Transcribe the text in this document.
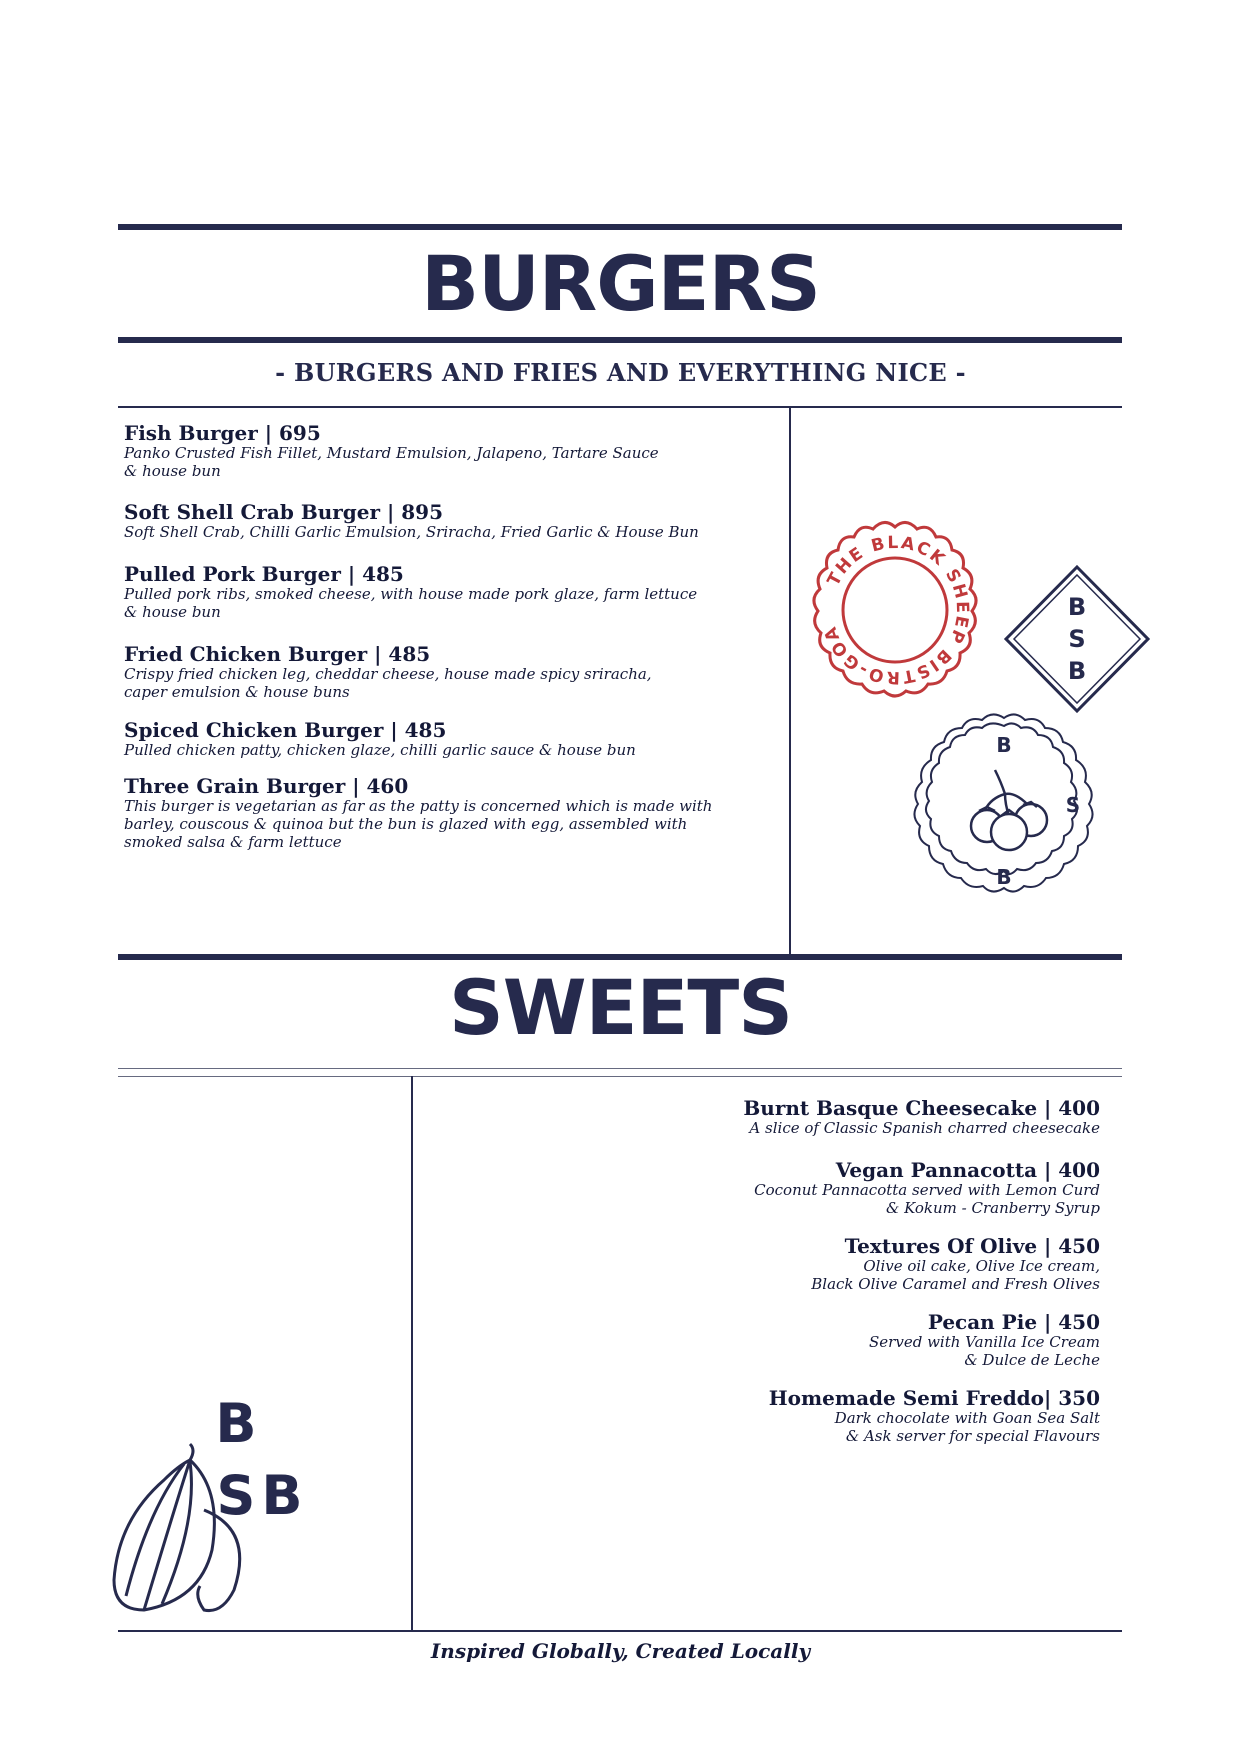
BURGERS
- BURGERS AND FRIES AND EVERYTHING NICE -
Fish Burger | 695
Panko Crusted Fish Fillet, Mustard Emulsion, Jalapeno, Tartare Sauce
& house bun
Soft Shell Crab Burger | 895
Soft Shell Crab, Chilli Garlic Emulsion, Sriracha, Fried Garlic & House Bun
Pulled Pork Burger | 485
Pulled pork ribs, smoked cheese, with house made pork glaze, farm lettuce
& house bun
Fried Chicken Burger | 485
Crispy fried chicken leg, cheddar cheese, house made spicy sriracha,
caper emulsion & house buns
Spiced Chicken Burger | 485
Pulled chicken patty, chicken glaze, chilli garlic sauce & house bun
Three Grain Burger | 460
This burger is vegetarian as far as the patty is concerned which is made with
barley, couscous & quinoa but the bun is glazed with egg, assembled with
smoked salsa & farm lettuce
THE BLACK SHEEP BISTRO-GOA
B
S
B
B
S
B
SWEETS
Burnt Basque Cheesecake | 400
A slice of Classic Spanish charred cheesecake
Vegan Pannacotta | 400
Coconut Pannacotta served with Lemon Curd
& Kokum - Cranberry Syrup
Textures Of Olive | 450
Olive oil cake, Olive Ice cream,
Black Olive Caramel and Fresh Olives
Pecan Pie | 450
Served with Vanilla Ice Cream
& Dulce de Leche
Homemade Semi Freddo| 350
Dark chocolate with Goan Sea Salt
& Ask server for special Flavours
B
S B
Inspired Globally, Created Locally
